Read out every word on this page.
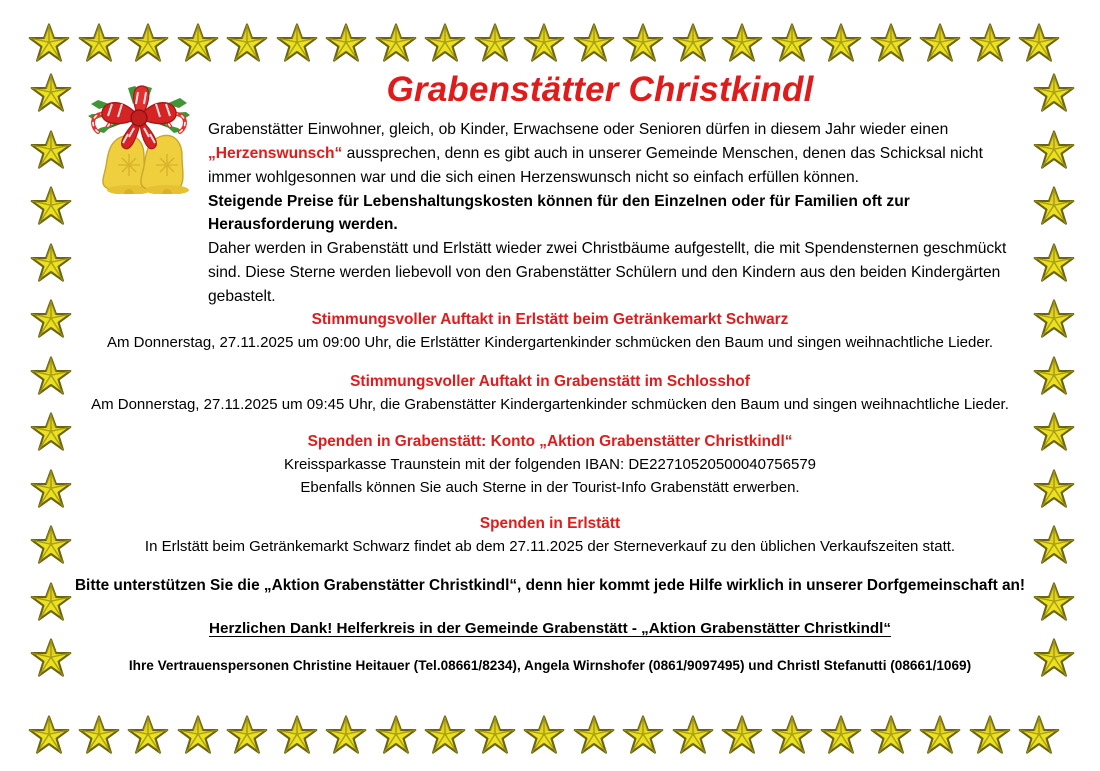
Grabenstätter Christkindl

Grabenstätter Einwohner, gleich, ob Kinder, Erwachsene oder Senioren dürfen in diesem Jahr wieder einen „Herzenswunsch“ aussprechen, denn es gibt auch in unserer Gemeinde Menschen, denen das Schicksal nicht immer wohlgesonnen war und die sich einen Herzenswunsch nicht so einfach erfüllen können.

Steigende Preise für Lebenshaltungskosten können für den Einzelnen oder für Familien oft zur Herausforderung werden.

Daher werden in Grabenstätt und Erlstätt wieder zwei Christbäume aufgestellt, die mit Spendensternen geschmückt sind. Diese Sterne werden liebevoll von den Grabenstätter Schülern und den Kindern aus den beiden Kindergärten gebastelt.

Stimmungsvoller Auftakt in Erlstätt beim Getränkemarkt Schwarz
Am Donnerstag, 27.11.2025 um 09:00 Uhr, die Erlstätter Kindergartenkinder schmücken den Baum und singen weihnachtliche Lieder.
Stimmungsvoller Auftakt in Grabenstätt im Schlosshof
Am Donnerstag, 27.11.2025 um 09:45 Uhr, die Grabenstätter Kindergartenkinder schmücken den Baum und singen weihnachtliche Lieder.
Spenden in Grabenstätt: Konto „Aktion Grabenstätter Christkindl“
Kreissparkasse Traunstein mit der folgenden IBAN: DE22710520500040756579
Ebenfalls können Sie auch Sterne in der Tourist-Info Grabenstätt erwerben.
Spenden in Erlstätt
In Erlstätt beim Getränkemarkt Schwarz findet ab dem 27.11.2025 der Sterneverkauf zu den üblichen Verkaufszeiten statt.
Bitte unterstützen Sie die „Aktion Grabenstätter Christkindl“, denn hier kommt jede Hilfe wirklich in unserer Dorfgemeinschaft an!
Herzlichen Dank! Helferkreis in der Gemeinde Grabenstätt - „Aktion Grabenstätter Christkindl“
Ihre Vertrauenspersonen Christine Heitauer (Tel.08661/8234), Angela Wirnshofer (0861/9097495) und Christl Stefanutti (08661/1069)
